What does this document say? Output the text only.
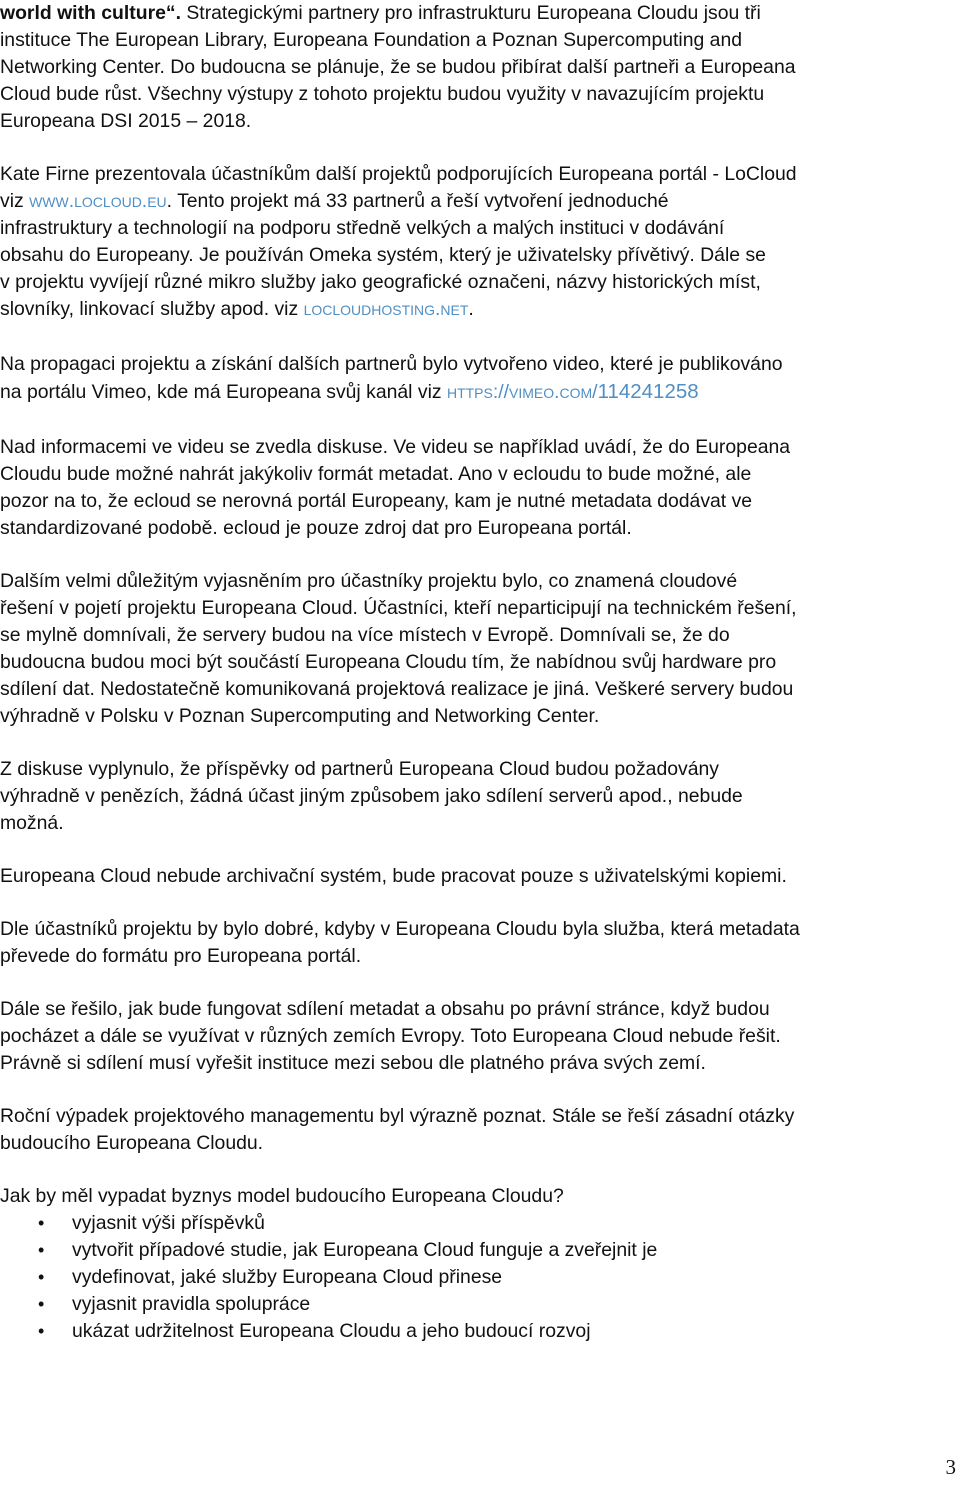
world with culture“. Strategickými partnery pro infrastrukturu Europeana Cloudu jsou tři

instituce The European Library, Europeana Foundation a Poznan Supercomputing and

Networking Center. Do budoucna se plánuje, že se budou přibírat další partneři a Europeana

Cloud bude růst. Všechny výstupy z tohoto projektu budou využity v navazujícím projektu

Europeana DSI 2015 – 2018.

Kate Firne prezentovala účastníkům další projektů podporujících Europeana portál - LoCloud

viz www.locloud.eu. Tento projekt má 33 partnerů a řeší vytvoření jednoduché

infrastruktury a technologií na podporu středně velkých a malých instituci v dodávání

obsahu do Europeany. Je používán Omeka systém, který je uživatelsky přívětivý. Dále se

v projektu vyvíjejí různé mikro služby jako geografické označeni, názvy historických míst,

slovníky, linkovací služby apod. viz locloudhosting.net.

Na propagaci projektu a získání dalších partnerů bylo vytvořeno video, které je publikováno

na portálu Vimeo, kde má Europeana svůj kanál viz https://vimeo.com/114241258

Nad informacemi ve videu se zvedla diskuse. Ve videu se například uvádí, že do Europeana

Cloudu bude možné nahrát jakýkoliv formát metadat. Ano v ecloudu to bude možné, ale

pozor na to, že ecloud se nerovná portál Europeany, kam je nutné metadata dodávat ve

standardizované podobě. ecloud je pouze zdroj dat pro Europeana portál.

Dalším velmi důležitým vyjasněním pro účastníky projektu bylo, co znamená cloudové

řešení v pojetí projektu Europeana Cloud. Účastníci, kteří neparticipují na technickém řešení,

se mylně domnívali, že servery budou na více místech v Evropě. Domnívali se, že do

budoucna budou moci být součástí Europeana Cloudu tím, že nabídnou svůj hardware pro

sdílení dat. Nedostatečně komunikovaná projektová realizace je jiná. Veškeré servery budou

výhradně v Polsku v Poznan Supercomputing and Networking Center.

Z diskuse vyplynulo, že příspěvky od partnerů Europeana Cloud budou požadovány

výhradně v penězích, žádná účast jiným způsobem jako sdílení serverů apod., nebude

možná.

Europeana Cloud nebude archivační systém, bude pracovat pouze s uživatelskými kopiemi.

Dle účastníků projektu by bylo dobré, kdyby v Europeana Cloudu byla služba, která metadata

převede do formátu pro Europeana portál.

Dále se řešilo, jak bude fungovat sdílení metadat a obsahu po právní stránce, když budou

pocházet a dále se využívat v různých zemích Evropy. Toto Europeana Cloud nebude řešit.

Právně si sdílení musí vyřešit instituce mezi sebou dle platného práva svých zemí.

Roční výpadek projektového managementu byl výrazně poznat. Stále se řeší zásadní otázky

budoucího Europeana Cloudu.

Jak by měl vypadat byznys model budoucího Europeana Cloudu?

• vyjasnit výši příspěvků
• vytvořit případové studie, jak Europeana Cloud funguje a zveřejnit je
• vydefinovat, jaké služby Europeana Cloud přinese
• vyjasnit pravidla spolupráce
• ukázat udržitelnost Europeana Cloudu a jeho budoucí rozvoj
3
